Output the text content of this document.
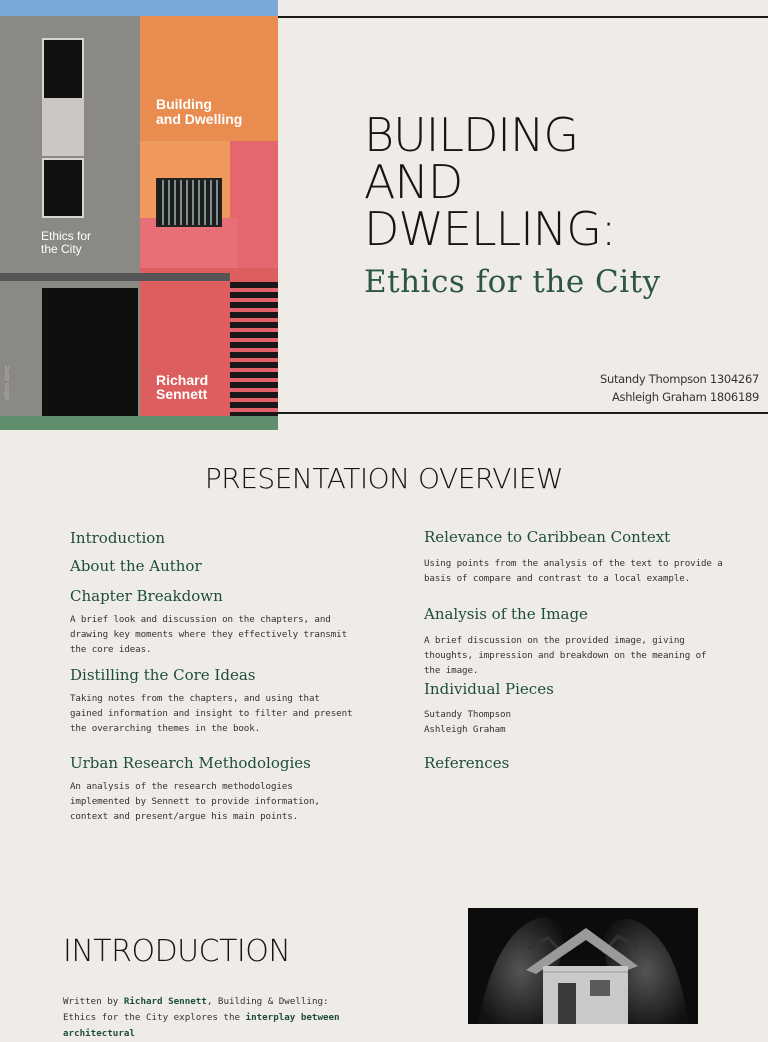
Building
and Dwelling
Ethics for
the City
Richard
Sennett
allen lane
BUILDING
AND
DWELLING:
Ethics for the City
Sutandy Thompson 1304267
Ashleigh Graham 1806189
PRESENTATION OVERVIEW
Introduction
About the Author
Chapter Breakdown
A brief look and discussion on the chapters, and drawing key moments where they effectively transmit the core ideas.
Distilling the Core Ideas
Taking notes from the chapters, and using that gained information and insight to filter and present the overarching themes in the book.
Urban Research Methodologies
An analysis of the research methodologies implemented by Sennett to provide information, context and present/argue his main points.
Relevance to Caribbean Context
Using points from the analysis of the text to provide a basis of compare and contrast to a local example.
Analysis of the Image
A brief discussion on the provided image, giving thoughts, impression and breakdown on the meaning of the image.
Individual Pieces
Sutandy Thompson
Ashleigh Graham
References
INTRODUCTION
Written by Richard Sennett, Building & Dwelling: Ethics for the City explores the interplay between architectural
